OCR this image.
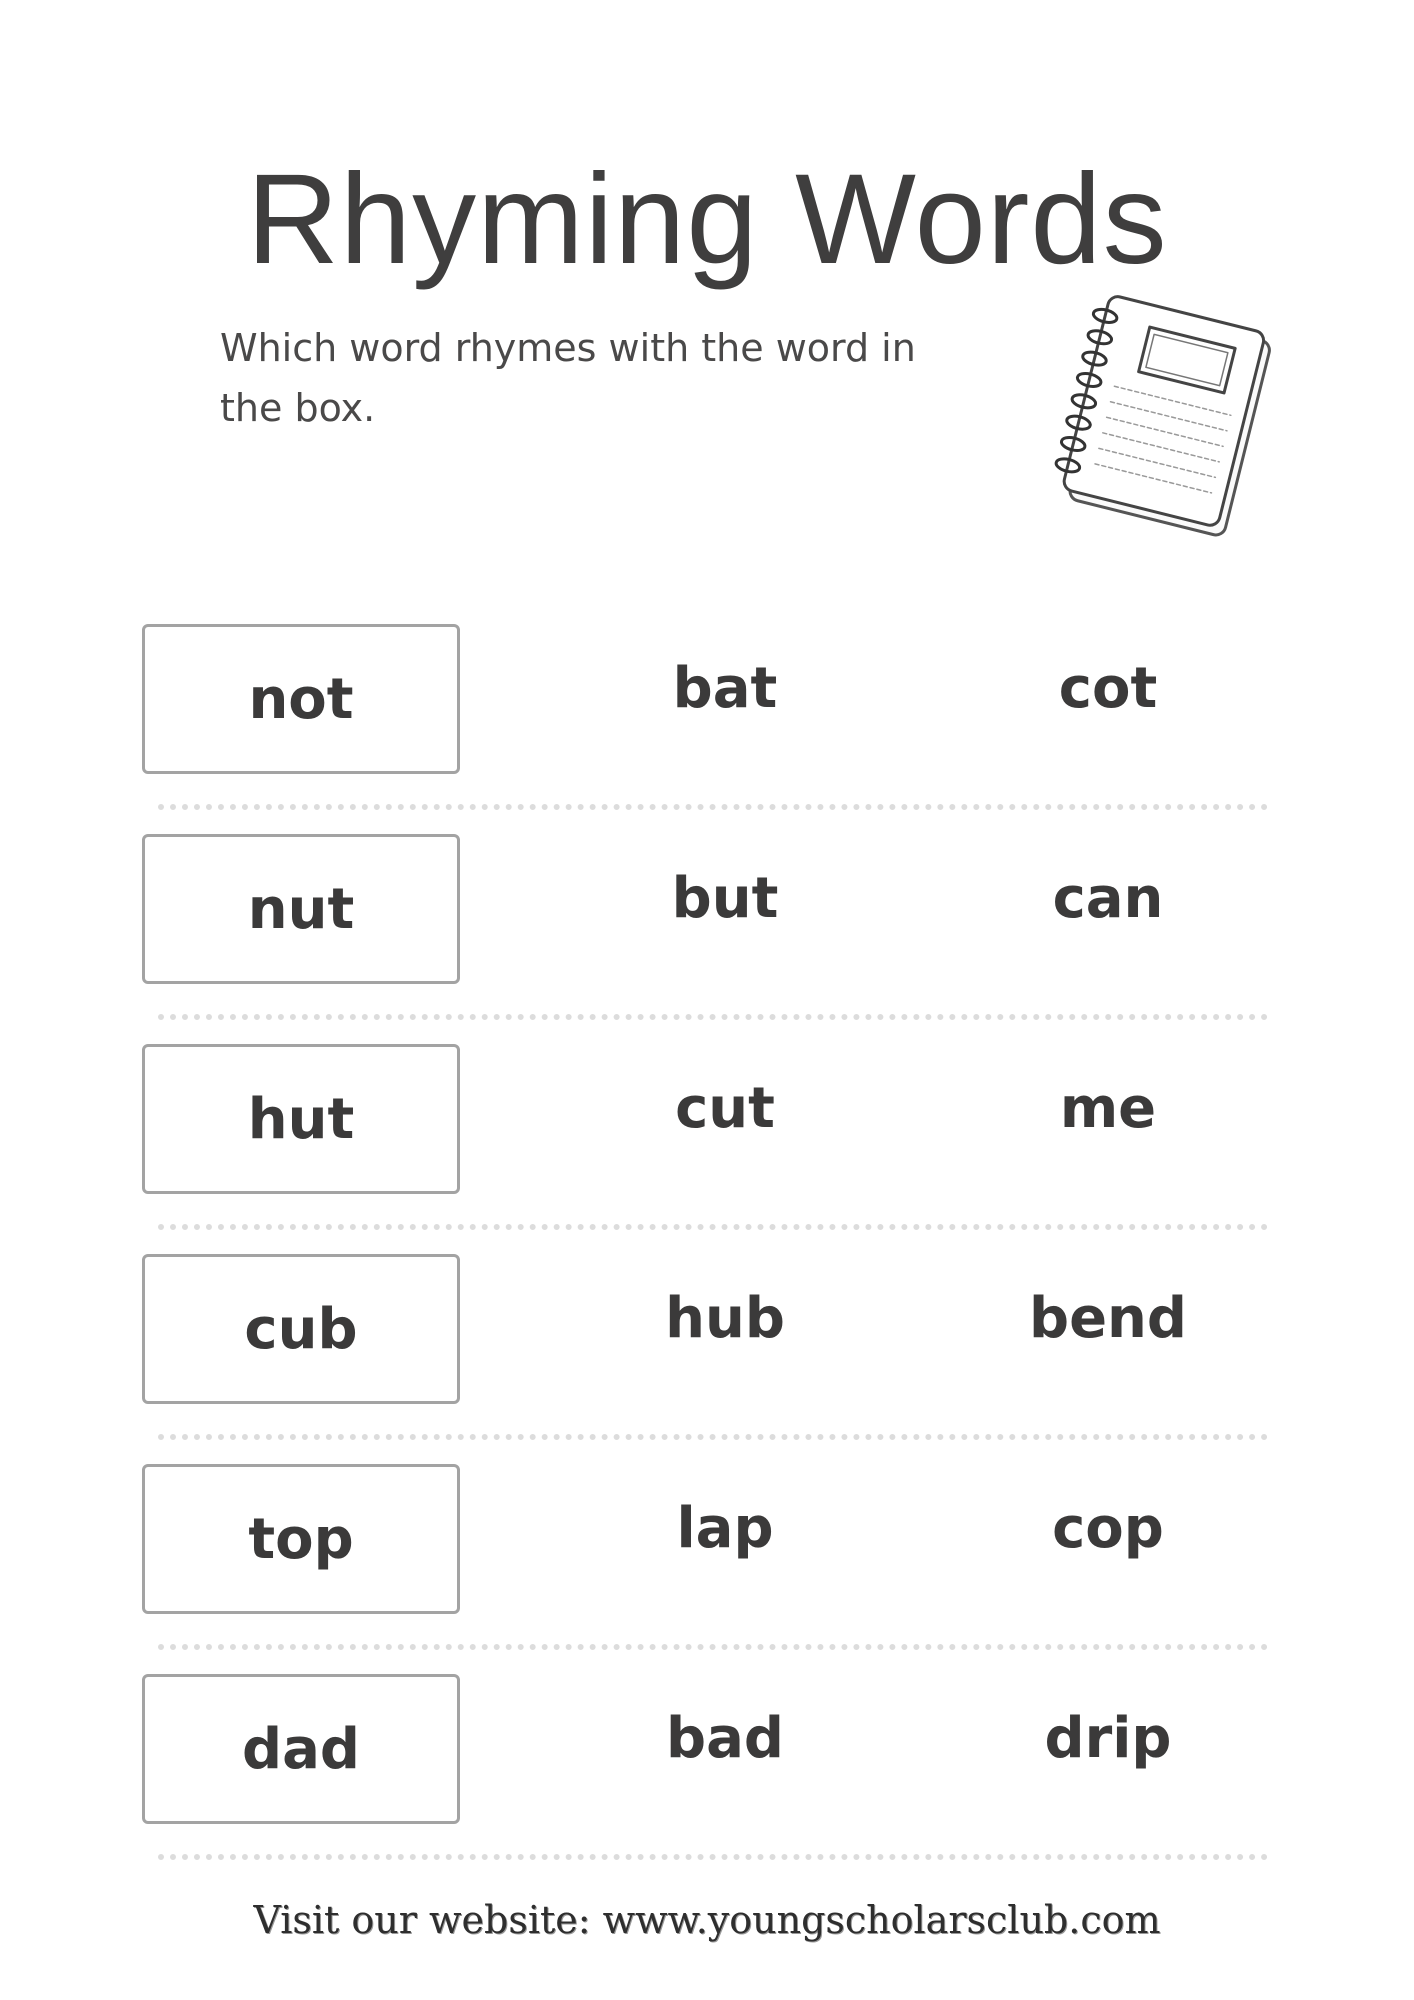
Rhyming Words
Which word rhymes with the word in the box.
not	bat	cot
nut	but	can
hut	cut	me
cub	hub	bend
top	lap	cop
dad	bad	drip
Visit our website: www.youngscholarsclub.com
